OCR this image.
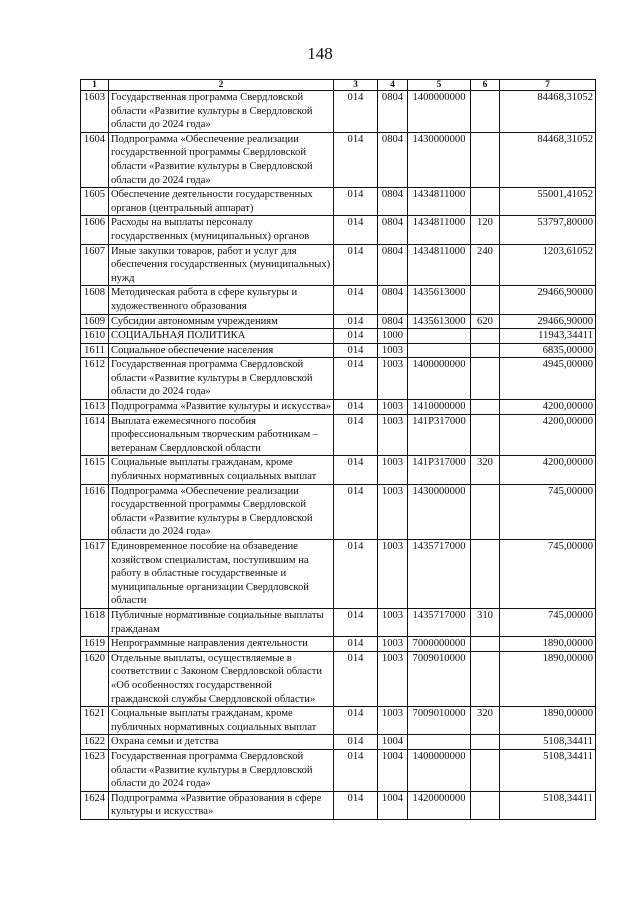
148
1	2	3	4	5	6	7
1603	Государственная программа Свердловской области «Развитие культуры в Свердловской области до 2024 года»	014	0804	1400000000		84468,31052
1604	Подпрограмма «Обеспечение реализации государственной программы Свердловской области «Развитие культуры в Свердловской области до 2024 года»	014	0804	1430000000		84468,31052
1605	Обеспечение деятельности государственных органов (центральный аппарат)	014	0804	1434811000		55001,41052
1606	Расходы на выплаты персоналу государственных (муниципальных) органов	014	0804	1434811000	120	53797,80000
1607	Иные закупки товаров, работ и услуг для обеспечения государственных (муниципальных) нужд	014	0804	1434811000	240	1203,61052
1608	Методическая работа в сфере культуры и художественного образования	014	0804	1435613000		29466,90000
1609	Субсидии автономным учреждениям	014	0804	1435613000	620	29466,90000
1610	СОЦИАЛЬНАЯ ПОЛИТИКА	014	1000			11943,34411
1611	Социальное обеспечение населения	014	1003			6835,00000
1612	Государственная программа Свердловской области «Развитие культуры в Свердловской области до 2024 года»	014	1003	1400000000		4945,00000
1613	Подпрограмма «Развитие культуры и искусства»	014	1003	1410000000		4200,00000
1614	Выплата ежемесячного пособия профессиональным творческим работникам – ветеранам Свердловской области	014	1003	141P317000		4200,00000
1615	Социальные выплаты гражданам, кроме публичных нормативных социальных выплат	014	1003	141P317000	320	4200,00000
1616	Подпрограмма «Обеспечение реализации государственной программы Свердловской области «Развитие культуры в Свердловской области до 2024 года»	014	1003	1430000000		745,00000
1617	Единовременное пособие на обзаведение хозяйством специалистам, поступившим на работу в областные государственные и муниципальные организации Свердловской области	014	1003	1435717000		745,00000
1618	Публичные нормативные социальные выплаты гражданам	014	1003	1435717000	310	745,00000
1619	Непрограммные направления деятельности	014	1003	7000000000		1890,00000
1620	Отдельные выплаты, осуществляемые в соответствии с Законом Свердловской области «Об особенностях государственной гражданской службы Свердловской области»	014	1003	7009010000		1890,00000
1621	Социальные выплаты гражданам, кроме публичных нормативных социальных выплат	014	1003	7009010000	320	1890,00000
1622	Охрана семьи и детства	014	1004			5108,34411
1623	Государственная программа Свердловской области «Развитие культуры в Свердловской области до 2024 года»	014	1004	1400000000		5108,34411
1624	Подпрограмма «Развитие образования в сфере культуры и искусства»	014	1004	1420000000		5108,34411
